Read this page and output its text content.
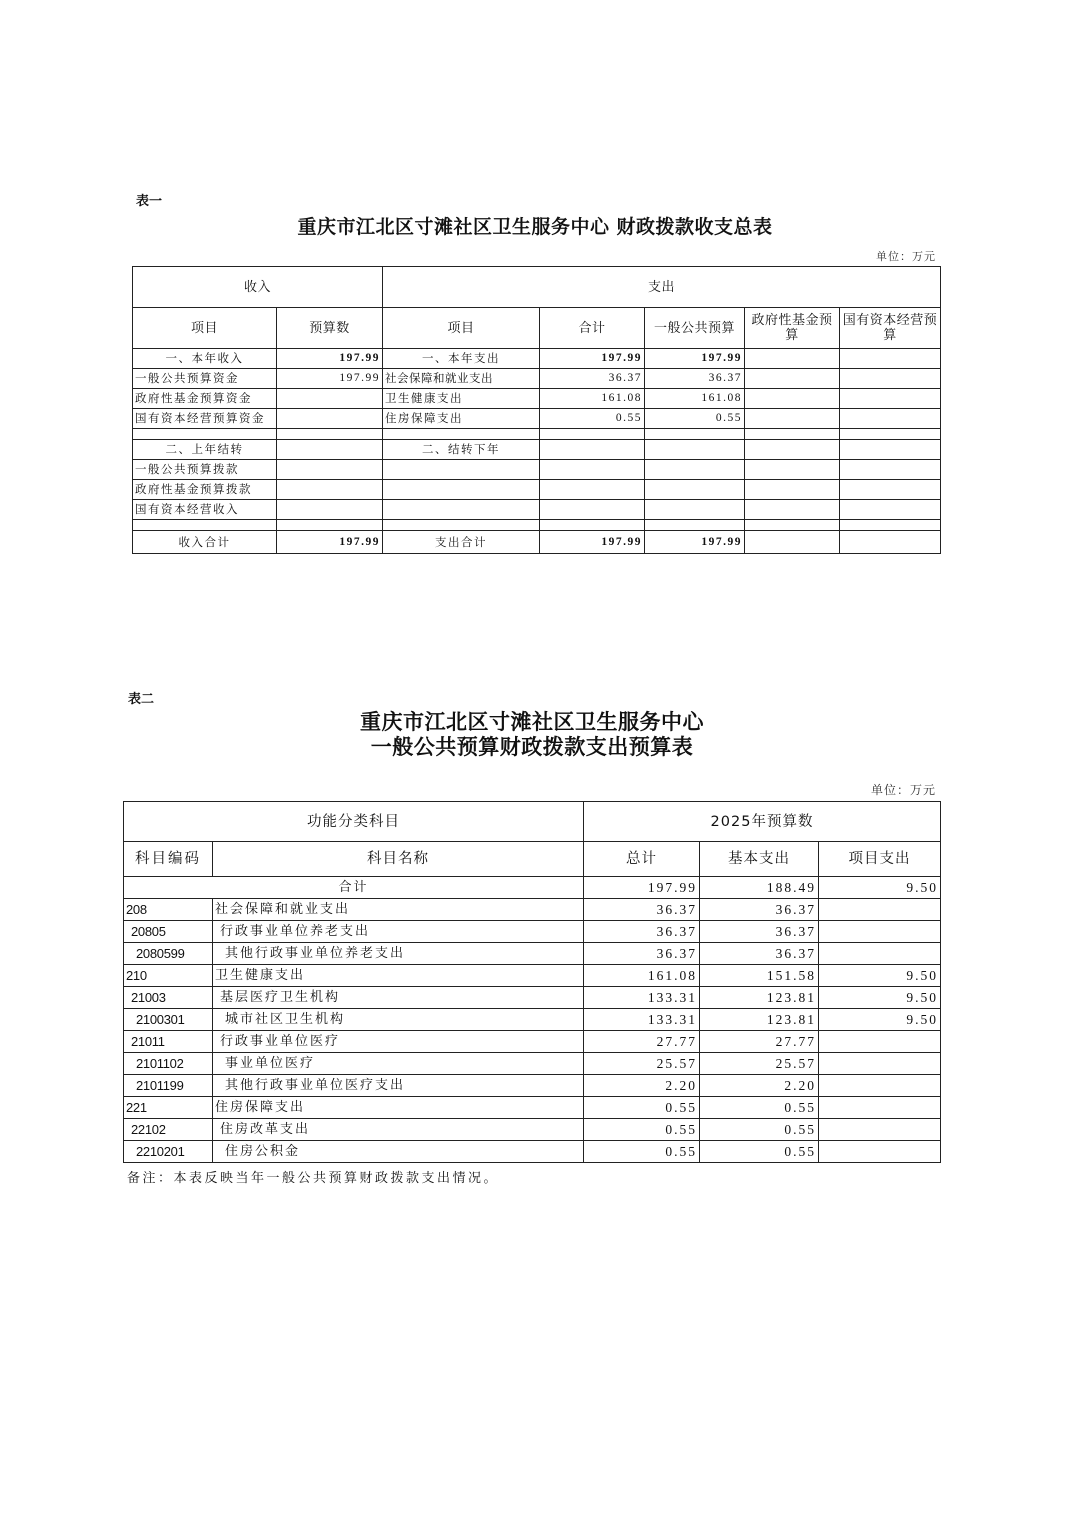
表一
重庆市江北区寸滩社区卫生服务中心 财政拨款收支总表
单位：万元
收入		支出				
项目	预算数	项目	合计	一般公共预算	政府性基金预算	国有资本经营预算
一、本年收入	197.99	一、本年支出	197.99	197.99		
一般公共预算资金	197.99	社会保障和就业支出	36.37	36.37		
政府性基金预算资金		卫生健康支出	161.08	161.08		
国有资本经营预算资金		住房保障支出	0.55	0.55		

二、上年结转		二、结转下年				
一般公共预算拨款						
政府性基金预算拨款						
国有资本经营收入						

收入合计	197.99	支出合计	197.99	197.99		
表二
重庆市江北区寸滩社区卫生服务中心
一般公共预算财政拨款支出预算表
单位：万元
功能分类科目		2025年预算数		
科目编码	科目名称	总计	基本支出	项目支出
合计		197.99	188.49	9.50
208	社会保障和就业支出	36.37	36.37	
20805	行政事业单位养老支出	36.37	36.37	
2080599	其他行政事业单位养老支出	36.37	36.37	
210	卫生健康支出	161.08	151.58	9.50
21003	基层医疗卫生机构	133.31	123.81	9.50
2100301	城市社区卫生机构	133.31	123.81	9.50
21011	行政事业单位医疗	27.77	27.77	
2101102	事业单位医疗	25.57	25.57	
2101199	其他行政事业单位医疗支出	2.20	2.20	
221	住房保障支出	0.55	0.55	
22102	住房改革支出	0.55	0.55	
2210201	住房公积金	0.55	0.55	
备注：本表反映当年一般公共预算财政拨款支出情况。
